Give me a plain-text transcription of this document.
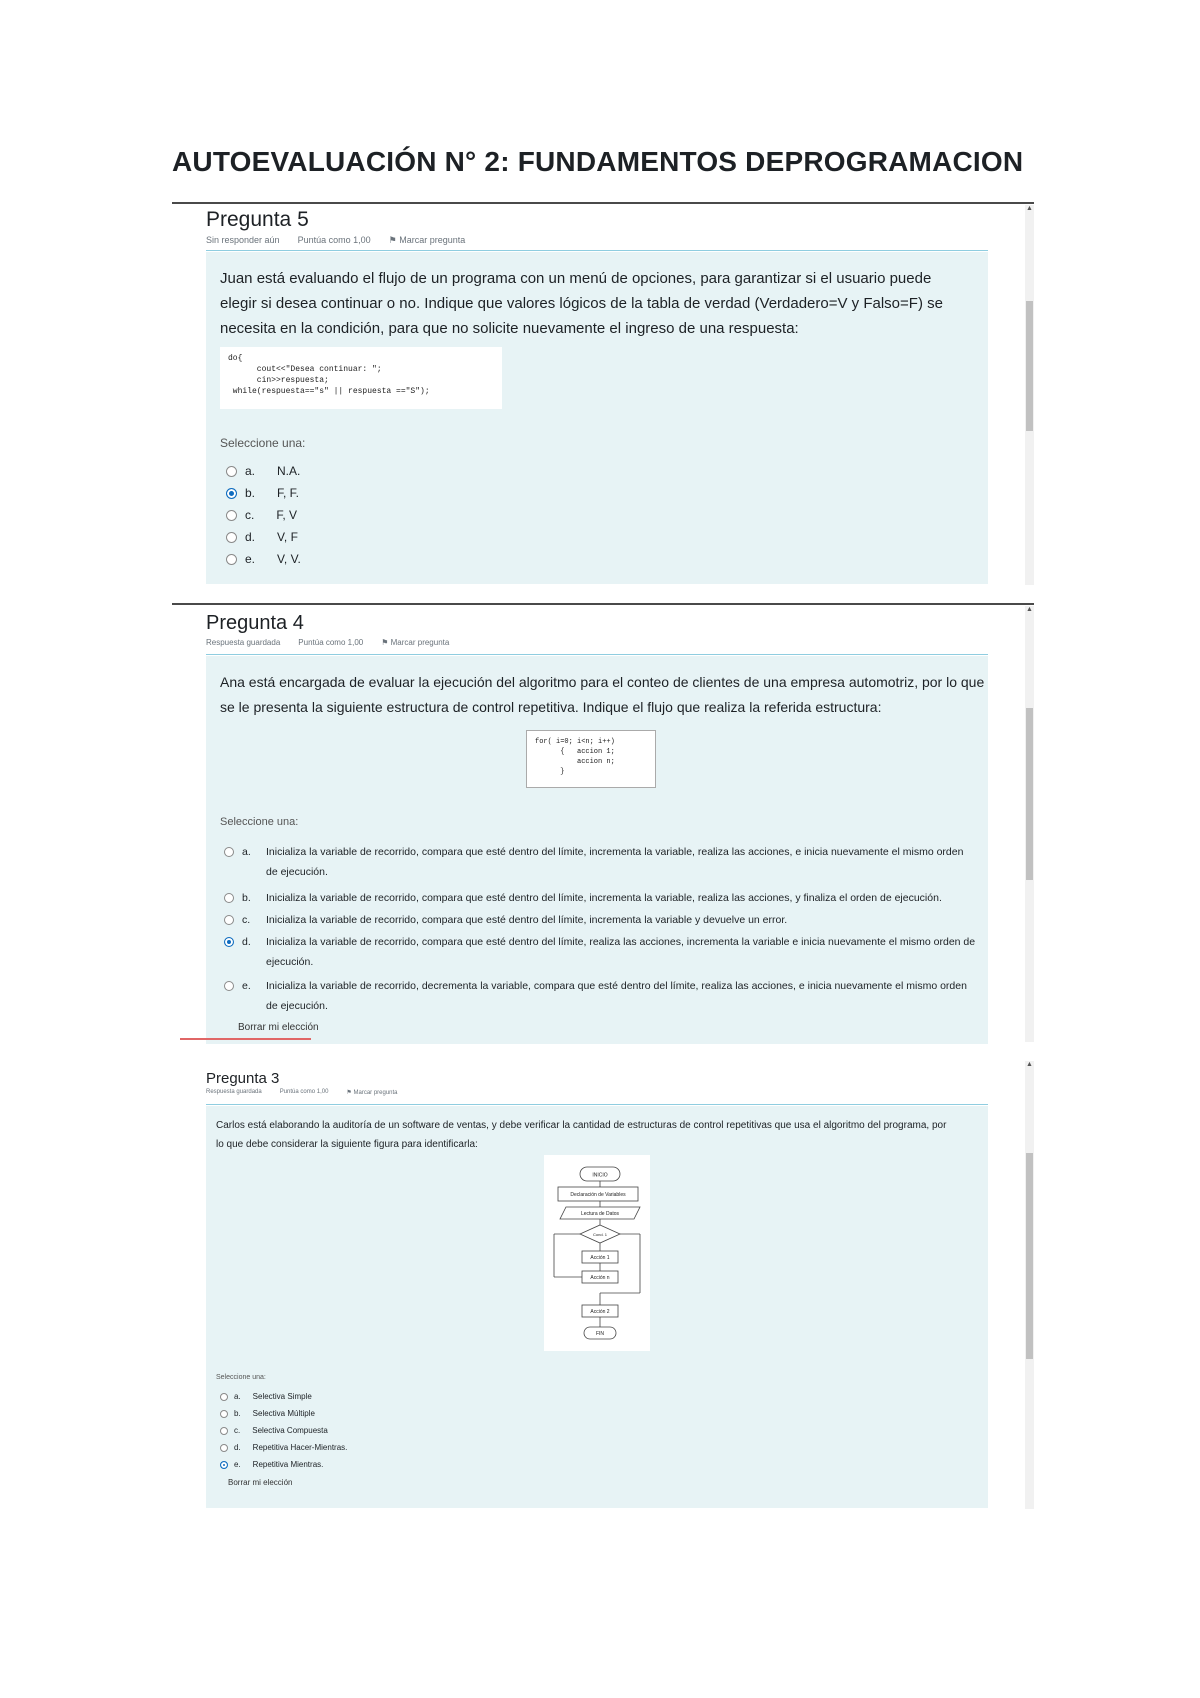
AUTOEVALUACIÓN N° 2: FUNDAMENTOS DEPROGRAMACION
▲
Pregunta 5
Sin responder aún Puntúa como 1,00 ⚑ Marcar pregunta
Juan está evaluando el flujo de un programa con un menú de opciones, para garantizar si el usuario puede
elegir si desea continuar o no. Indique que valores lógicos de la tabla de verdad (Verdadero=V y Falso=F) se
necesita en la condición, para que no solicite nuevamente el ingreso de una respuesta:
do{
cout<<"Desea continuar: ";
cin>>respuesta;
while(respuesta=="s" || respuesta =="S");
Seleccione una:
a. N.A.
b. F, F.
c. F, V
d. V, F
e. V, V.
▲
Pregunta 4
Respuesta guardada Puntúa como 1,00 ⚑ Marcar pregunta
Ana está encargada de evaluar la ejecución del algoritmo para el conteo de clientes de una empresa automotriz, por lo que
se le presenta la siguiente estructura de control repetitiva. Indique el flujo que realiza la referida estructura:
for( i=0; i<n; i++)
{   accion 1;
accion n;
}
Seleccione una:
a.	Inicializa la variable de recorrido, compara que esté dentro del límite, incrementa la variable, realiza las acciones, e inicia nuevamente el mismo orden
de ejecución.
b.	Inicializa la variable de recorrido, compara que esté dentro del límite, incrementa la variable, realiza las acciones, y finaliza el orden de ejecución.
c.	Inicializa la variable de recorrido, compara que esté dentro del límite, incrementa la variable y devuelve un error.
d.	Inicializa la variable de recorrido, compara que esté dentro del límite, realiza las acciones, incrementa la variable e inicia nuevamente el mismo orden de
ejecución.
e.	Inicializa la variable de recorrido, decrementa la variable, compara que esté dentro del límite, realiza las acciones, e inicia nuevamente el mismo orden
de ejecución.
Borrar mi elección
▲
Pregunta 3
Respuesta guardada	Puntúa como 1,00	⚑ Marcar pregunta
Carlos está elaborando la auditoría de un software de ventas, y debe verificar la cantidad de estructuras de control repetitivas que usa el algoritmo del programa, por
lo que debe considerar la siguiente figura para identificarla:
Seleccione una:
a. Selectiva Simple
b. Selectiva Múltiple
c. Selectiva Compuesta
d. Repetitiva Hacer-Mientras.
e. Repetitiva Mientras.
Borrar mi elección
INICIO
Declaración de Variables
Lectura de Datos
Cond. 1
Acción 1
Acción n
Acción 2
FIN
